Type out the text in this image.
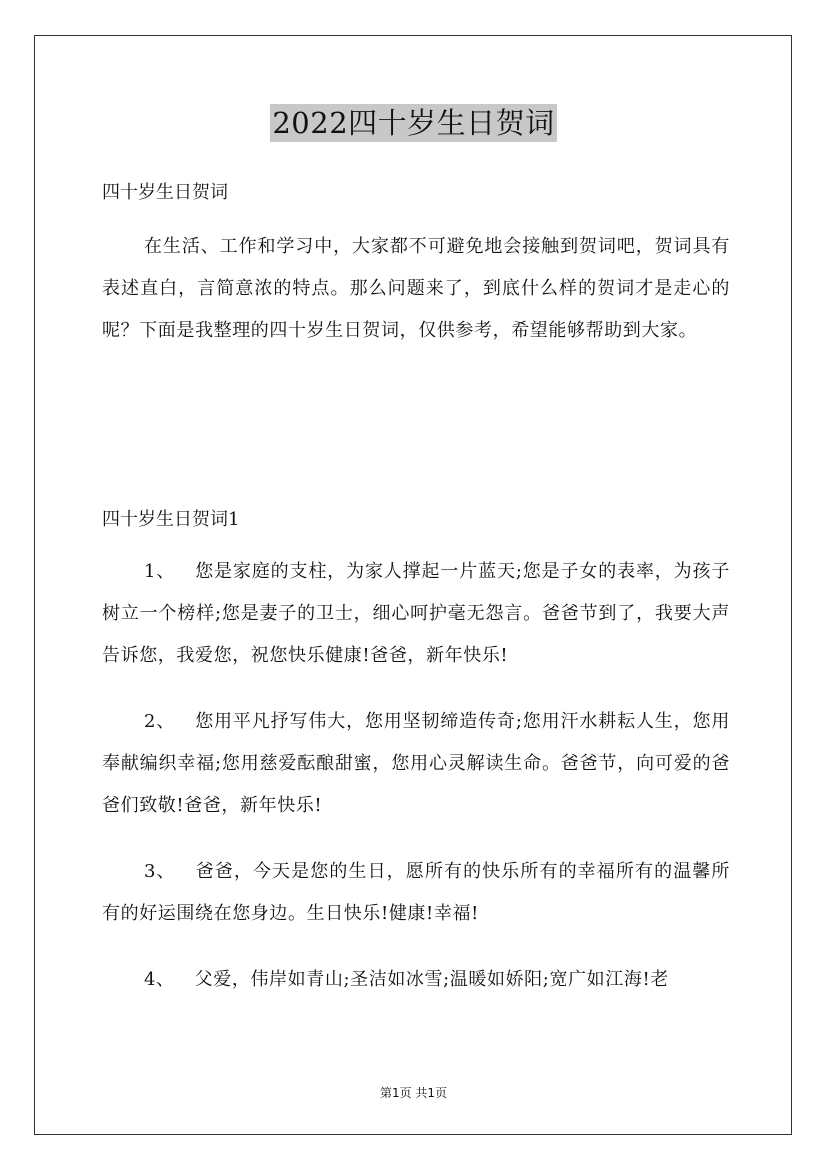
2022四十岁生日贺词
四十岁生日贺词

在生活、工作和学习中，大家都不可避免地会接触到贺词吧，贺词具有表述直白，言简意浓的特点。那么问题来了，到底什么样的贺词才是走心的呢？下面是我整理的四十岁生日贺词，仅供参考，希望能够帮助到大家。

四十岁生日贺词1

1、 您是家庭的支柱，为家人撑起一片蓝天;您是子女的表率，为孩子树立一个榜样;您是妻子的卫士，细心呵护毫无怨言。爸爸节到了，我要大声告诉您，我爱您，祝您快乐健康!爸爸，新年快乐!

2、 您用平凡抒写伟大，您用坚韧缔造传奇;您用汗水耕耘人生，您用奉献编织幸福;您用慈爱酝酿甜蜜，您用心灵解读生命。爸爸节，向可爱的爸爸们致敬!爸爸，新年快乐!

3、 爸爸，今天是您的生日，愿所有的快乐所有的幸福所有的温馨所有的好运围绕在您身边。生日快乐!健康!幸福!

4、 父爱，伟岸如青山;圣洁如冰雪;温暖如娇阳;宽广如江海!老

第1页 共1页
